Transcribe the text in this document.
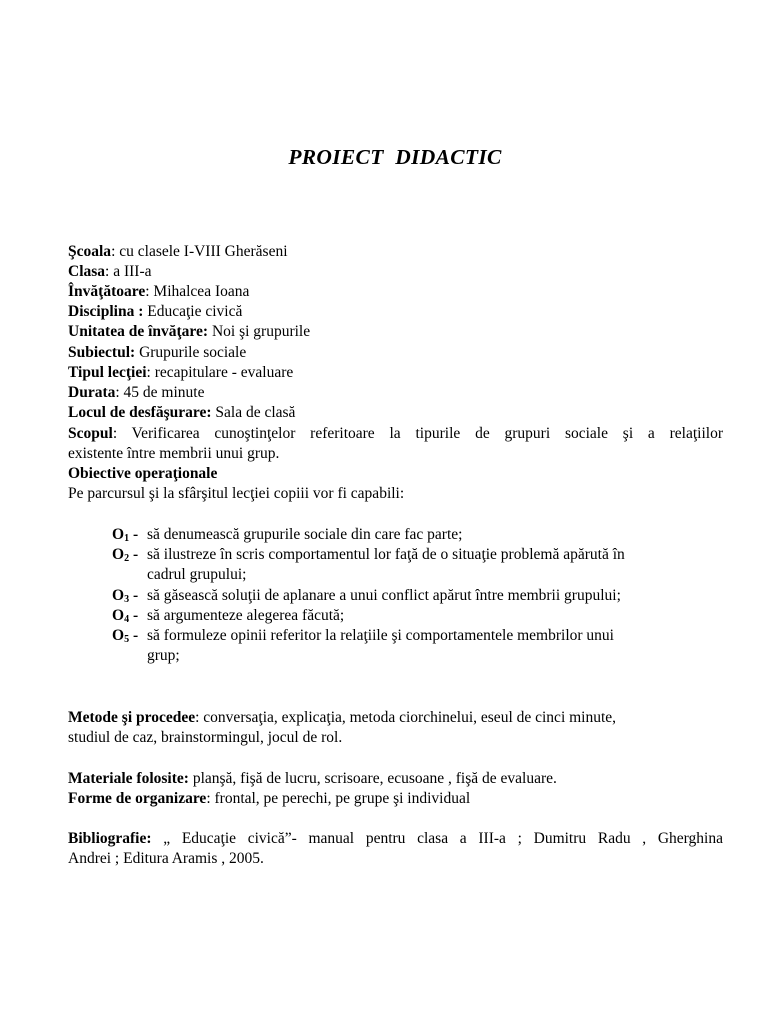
PROIECT DIDACTIC
Şcoala: cu clasele I-VIII Gherăseni
Clasa: a III-a
Învăţătoare: Mihalcea Ioana
Disciplina : Educaţie civică
Unitatea de învăţare: Noi şi grupurile
Subiectul: Grupurile sociale
Tipul lecţiei: recapitulare - evaluare
Durata: 45 de minute
Locul de desfăşurare: Sala de clasă
Scopul: Verificarea cunoştinţelor referitoare la tipurile de grupuri sociale şi a relaţiilor
existente între membrii unui grup.
Obiective operaţionale
Pe parcursul şi la sfârşitul lecţiei copiii vor fi capabili:
$O_1$ - să denumească grupurile sociale din care fac parte;
$O_2$ - să ilustreze în scris comportamentul lor faţă de o situaţie problemă apărută în
cadrul grupului;
$O_3$ - să găsească soluţii de aplanare a unui conflict apărut între membrii grupului;
$O_4$ - să argumenteze alegerea făcută;
$O_5$ - să formuleze opinii referitor la relaţiile şi comportamentele membrilor unui
grup;
Metode şi procedee: conversaţia, explicaţia, metoda ciorchinelui, eseul de cinci minute,
studiul de caz, brainstormingul, jocul de rol.
Materiale folosite: planşă, fişă de lucru, scrisoare, ecusoane , fişă de evaluare.
Forme de organizare: frontal, pe perechi, pe grupe şi individual
Bibliografie: „ Educaţie civică”- manual pentru clasa a III-a ; Dumitru Radu , Gherghina
Andrei ; Editura Aramis , 2005.
